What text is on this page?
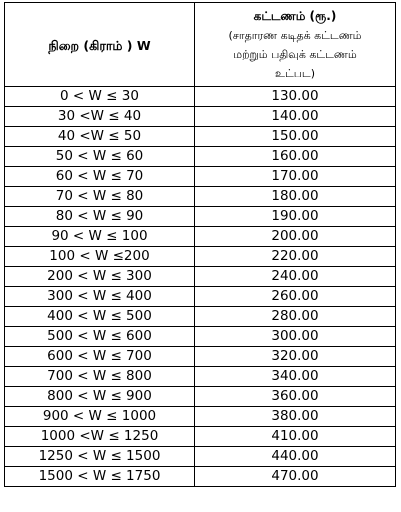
நிறை (கிராம் ) W	கட்டணம் (ரூ.)
(சாதாரண கடிதக் கட்டணம்
மற்றும் பதிவுக் கட்டணம்
உட்பட)

0 < W ≤ 30	130.00
30 <W ≤ 40	140.00
40 <W ≤ 50	150.00
50 < W ≤ 60	160.00
60 < W ≤ 70	170.00
70 < W ≤ 80	180.00
80 < W ≤ 90	190.00
90 < W ≤ 100	200.00
100 < W ≤200	220.00
200 < W ≤ 300	240.00
300 < W ≤ 400	260.00
400 < W ≤ 500	280.00
500 < W ≤ 600	300.00
600 < W ≤ 700	320.00
700 < W ≤ 800	340.00
800 < W ≤ 900	360.00
900 < W ≤ 1000	380.00
1000 <W ≤ 1250	410.00
1250 < W ≤ 1500	440.00
1500 < W ≤ 1750	470.00
